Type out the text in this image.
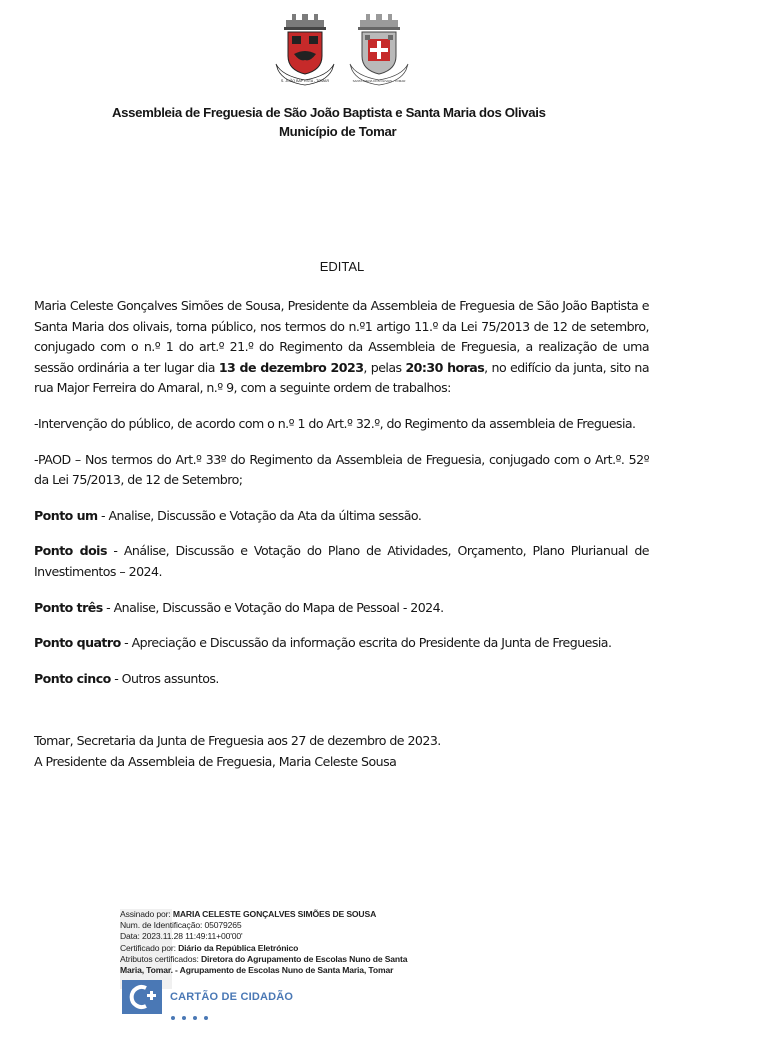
S. JOÃO BAPTISTA - TOMAR	SANTA MARIA DOS OLIVAIS - TOMAR
Assembleia de Freguesia de São João Baptista e Santa Maria dos Olivais
Município de Tomar
EDITAL

Maria Celeste Gonçalves Simões de Sousa, Presidente da Assembleia de Freguesia de São João Baptista e Santa Maria dos olivais, torna público, nos termos do n.º1 artigo 11.º da Lei 75/2013 de 12 de setembro, conjugado com o n.º 1 do art.º 21.º do Regimento da Assembleia de Freguesia, a realização de uma sessão ordinária a ter lugar dia 13 de dezembro 2023, pelas 20:30 horas, no edifício da junta, sito na rua Major Ferreira do Amaral, n.º 9, com a seguinte ordem de trabalhos:

-Intervenção do público, de acordo com o n.º 1 do Art.º 32.º, do Regimento da assembleia de Freguesia.

-PAOD – Nos termos do Art.º 33º do Regimento da Assembleia de Freguesia, conjugado com o Art.º. 52º da Lei 75/2013, de 12 de Setembro;

Ponto um - Analise, Discussão e Votação da Ata da última sessão.

Ponto dois - Análise, Discussão e Votação do Plano de Atividades, Orçamento, Plano Plurianual de Investimentos – 2024.

Ponto três - Analise, Discussão e Votação do Mapa de Pessoal - 2024.

Ponto quatro - Apreciação e Discussão da informação escrita do Presidente da Junta de Freguesia.

Ponto cinco - Outros assuntos.

Tomar, Secretaria da Junta de Freguesia aos 27 de dezembro de 2023.

A Presidente da Assembleia de Freguesia, Maria Celeste Sousa

Assinado por: MARIA CELESTE GONÇALVES SIMÕES DE SOUSA
Num. de Identificação: 05079265
Data: 2023.11.28 11:49:11+00'00'
Certificado por: Diário da República Eletrónico
Atributos certificados: Diretora do Agrupamento de Escolas Nuno de Santa
Maria, Tomar. - Agrupamento de Escolas Nuno de Santa Maria, Tomar
CARTÃO DE CIDADÃO
